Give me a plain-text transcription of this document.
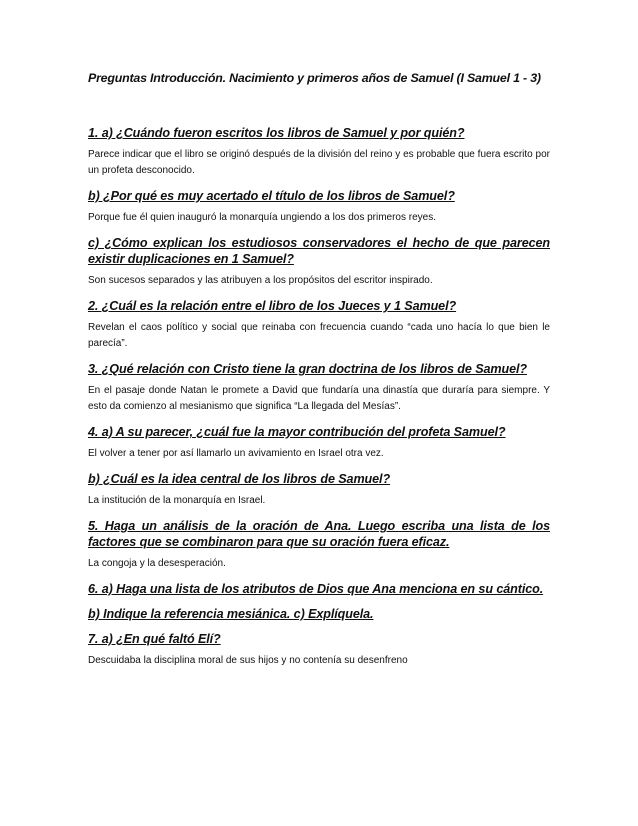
Preguntas Introducción. Nacimiento y primeros años de Samuel (I Samuel 1 - 3)

1. a) ¿Cuándo fueron escritos los libros de Samuel y por quién?

Parece indicar que el libro se originó después de la división del reino y es probable que fuera escrito por un profeta desconocido.

b) ¿Por qué es muy acertado el título de los libros de Samuel?

Porque fue él quien inauguró la monarquía ungiendo a los dos primeros reyes.

c) ¿Cómo explican los estudiosos conservadores el hecho de que parecen existir duplicaciones en 1 Samuel?

Son sucesos separados y las atribuyen a los propósitos del escritor inspirado.

2. ¿Cuál es la relación entre el libro de los Jueces y 1 Samuel?

Revelan el caos político y social que reinaba con frecuencia cuando “cada uno hacía lo que bien le parecía”.

3. ¿Qué relación con Cristo tiene la gran doctrina de los libros de Samuel?

En el pasaje donde Natan le promete a David que fundaría una dinastía que duraría para siempre. Y esto da comienzo al mesianismo que significa “La llegada del Mesías”.

4. a) A su parecer, ¿cuál fue la mayor contribución del profeta Samuel?

El volver a tener por así llamarlo un avivamiento en Israel otra vez.

b) ¿Cuál es la idea central de los libros de Samuel?

La institución de la monarquía en Israel.

5. Haga un análisis de la oración de Ana. Luego escriba una lista de los factores que se combinaron para que su oración fuera eficaz.

La congoja y la desesperación.

6. a) Haga una lista de los atributos de Dios que Ana menciona en su cántico.

b) Indique la referencia mesiánica. c) Explíquela.

7. a) ¿En qué faltó Elí?

Descuidaba la disciplina moral de sus hijos y no contenía su desenfreno
